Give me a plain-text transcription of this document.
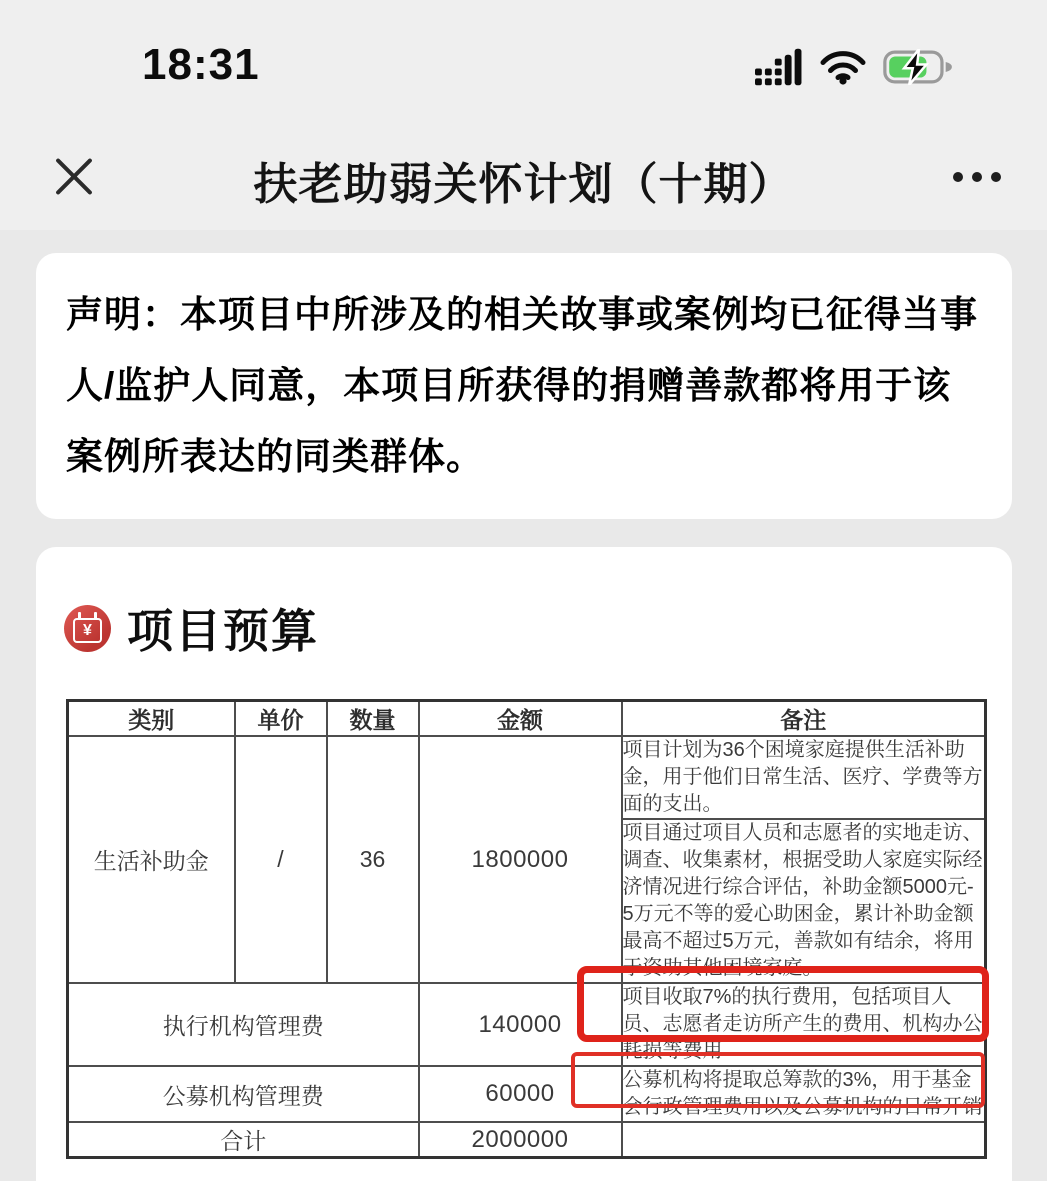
18:31
扶老助弱关怀计划（十期）

声明：本项目中所涉及的相关故事或案例均已征得当事人/监护人同意，本项目所获得的捐赠善款都将用于该案例所表达的同类群体。

¥ 项目预算
类别	单价	数量	金额	备注
生活补助金	/	36	1800000	项目计划为36个困境家庭提供生活补助金，用于他们日常生活、医疗、学费等方面的支出。
				项目通过项目人员和志愿者的实地走访、调查、收集素材，根据受助人家庭实际经济情况进行综合评估，补助金额5000元-5万元不等的爱心助困金，累计补助金额最高不超过5万元，善款如有结余，将用于资助其他困境家庭。
执行机构管理费			140000	项目收取7%的执行费用，包括项目人员、志愿者走访所产生的费用、机构办公耗损等费用
公募机构管理费			60000	公募机构将提取总筹款的3%，用于基金会行政管理费用以及公募机构的日常开销
合计			2000000	
